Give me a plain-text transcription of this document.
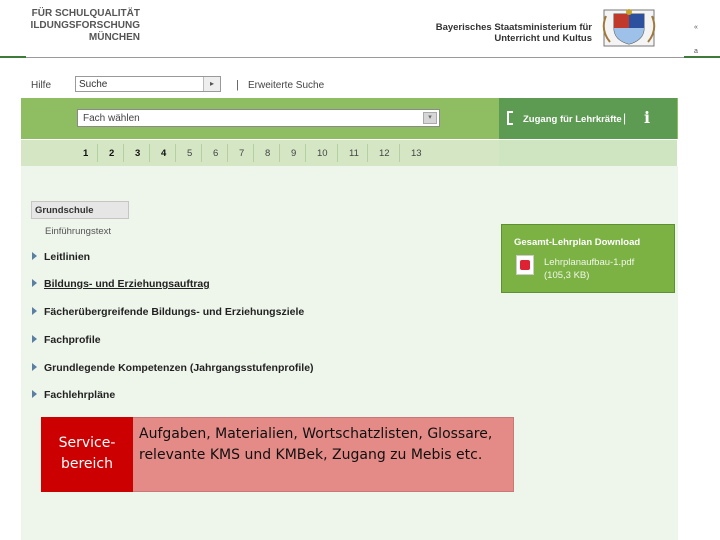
FÜR SCHULQUALITÄT
ILDUNGSFORSCHUNG
MÜNCHEN
Bayerisches Staatsministerium für
Unterricht und Kultus
«
a
Hilfe	Suche	▸	| Erweiterte Suche
Fach wählen	▾	Zugang für Lehrkräfte | i
1 2 3 4 5 6 7 8 9 10 11 12 13
Grundschule
Einführungstext
Leitlinien
Bildungs- und Erziehungsauftrag
Fächerübergreifende Bildungs- und Erziehungsziele
Fachprofile
Grundlegende Kompetenzen (Jahrgangsstufenprofile)
Fachlehrpläne
Gesamt-Lehrplan Download
Lehrplanaufbau-1.pdf
(105,3 KB)
Service-
bereich
Aufgaben, Materialien, Wortschatzlisten, Glossare, relevante KMS und KMBek, Zugang zu Mebis etc.
